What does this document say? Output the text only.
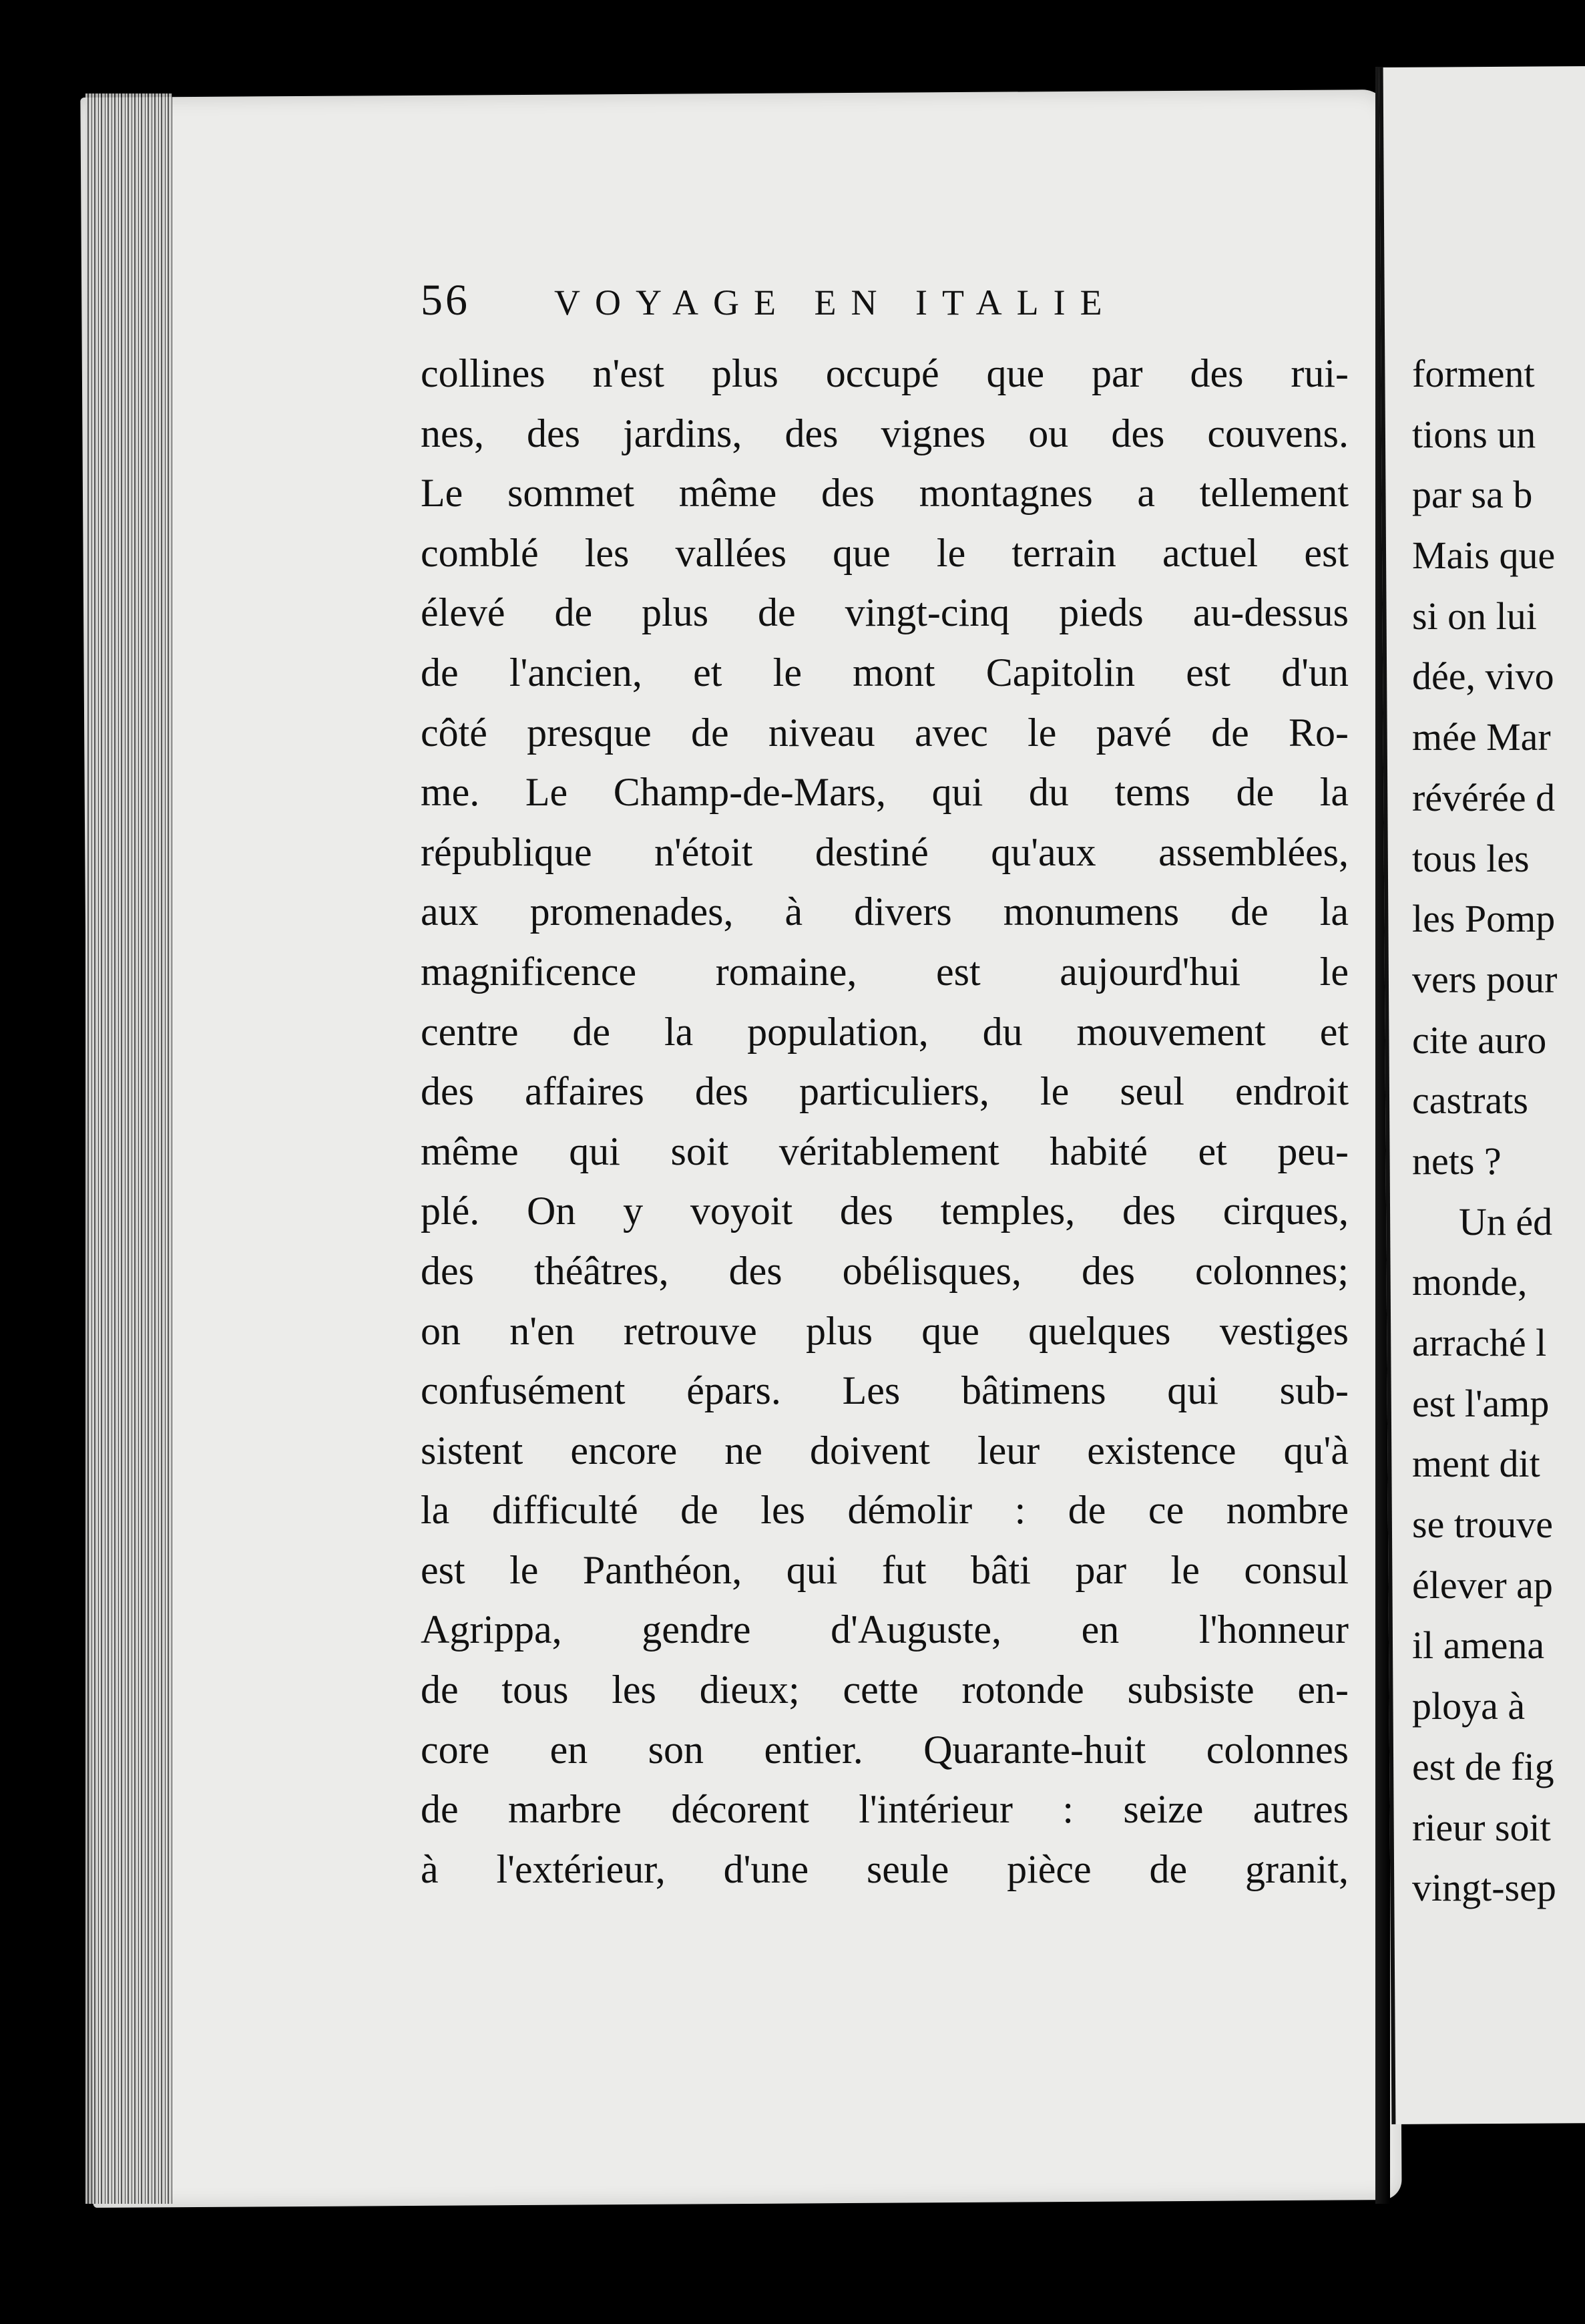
56 VOYAGE EN ITALIE
collines n'est plus occupé que par des rui-
nes, des jardins, des vignes ou des couvens.
Le sommet même des montagnes a tellement
comblé les vallées que le terrain actuel est
élevé de plus de vingt-cinq pieds au-dessus
de l'ancien, et le mont Capitolin est d'un
côté presque de niveau avec le pavé de Ro-
me. Le Champ-de-Mars, qui du tems de la
république n'étoit destiné qu'aux assemblées,
aux promenades, à divers monumens de la
magnificence romaine, est aujourd'hui le
centre de la population, du mouvement et
des affaires des particuliers, le seul endroit
même qui soit véritablement habité et peu-
plé. On y voyoit des temples, des cirques,
des théâtres, des obélisques, des colonnes;
on n'en retrouve plus que quelques vestiges
confusément épars. Les bâtimens qui sub-
sistent encore ne doivent leur existence qu'à
la difficulté de les démolir : de ce nombre
est le Panthéon, qui fut bâti par le consul
Agrippa, gendre d'Auguste, en l'honneur
de tous les dieux; cette rotonde subsiste en-
core en son entier. Quarante-huit colonnes
de marbre décorent l'intérieur : seize autres
à l'extérieur, d'une seule pièce de granit,
forment
tions un
par sa b
Mais que
si on lui
dée, vivo
mée Mar
révérée d
tous les
les Pomp
vers pour
cite auro
castrats
nets ?
Un éd
monde,
arraché l
est l'amp
ment dit
se trouve
élever ap
il amena
ploya à
est de fig
rieur soit
vingt-sep
